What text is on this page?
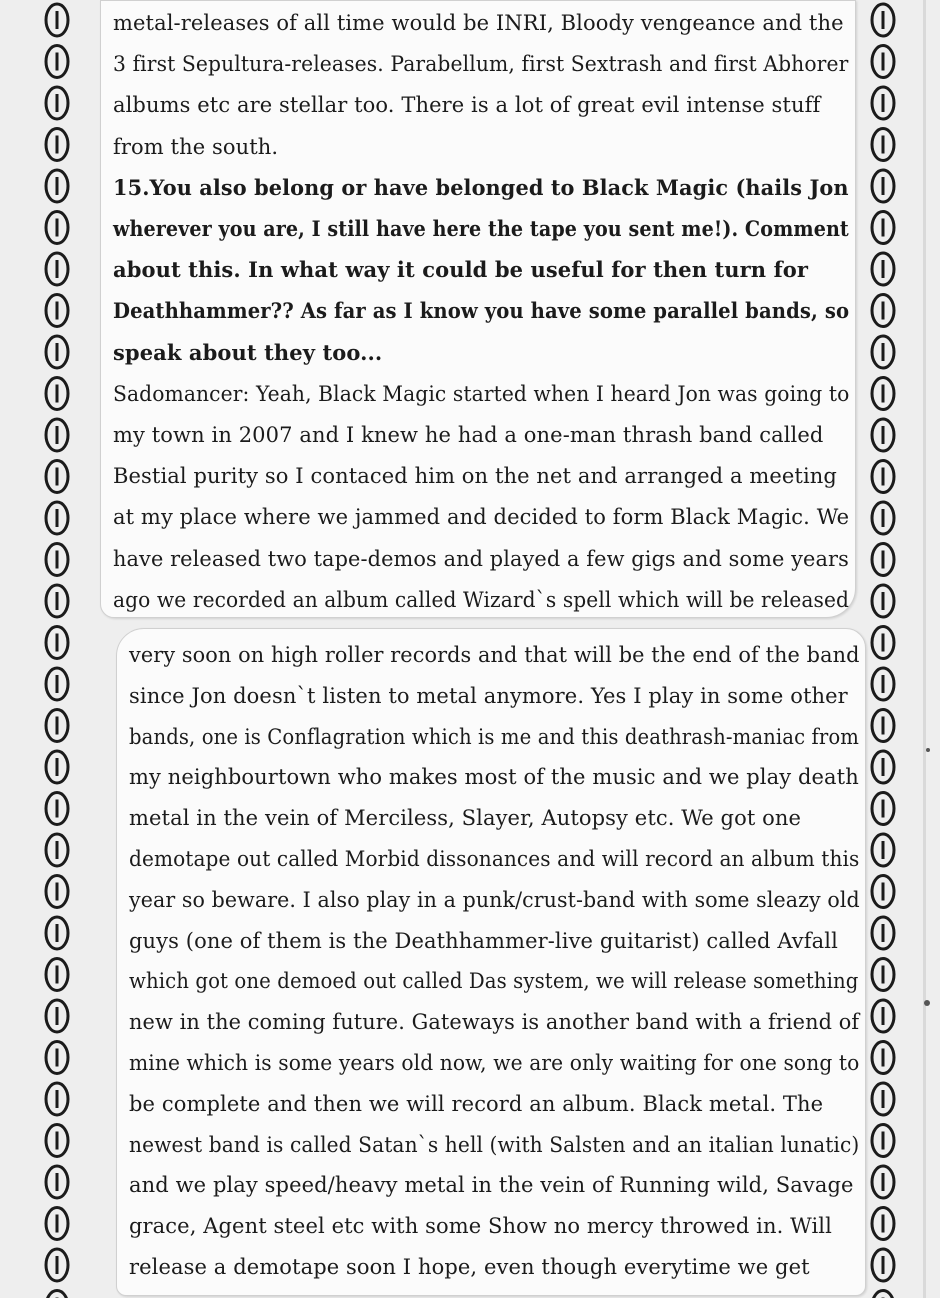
metal-releases of all time would be INRI, Bloody vengeance and the
3 first Sepultura-releases. Parabellum, first Sextrash and first Abhorer
albums etc are stellar too. There is a lot of great evil intense stuff
from the south.
15.You also belong or have belonged to Black Magic (hails Jon
wherever you are, I still have here the tape you sent me!). Comment
about this. In what way it could be useful for then turn for
Deathhammer?? As far as I know you have some parallel bands, so
speak about they too...
Sadomancer: Yeah, Black Magic started when I heard Jon was going to
my town in 2007 and I knew he had a one-man thrash band called
Bestial purity so I contaced him on the net and arranged a meeting
at my place where we jammed and decided to form Black Magic. We
have released two tape-demos and played a few gigs and some years
ago we recorded an album called Wizard`s spell which will be released
very soon on high roller records and that will be the end of the band
since Jon doesn`t listen to metal anymore. Yes I play in some other
bands, one is Conflagration which is me and this deathrash-maniac from
my neighbourtown who makes most of the music and we play death
metal in the vein of Merciless, Slayer, Autopsy etc. We got one
demotape out called Morbid dissonances and will record an album this
year so beware. I also play in a punk/crust-band with some sleazy old
guys (one of them is the Deathhammer-live guitarist) called Avfall
which got one demoed out called Das system, we will release something
new in the coming future. Gateways is another band with a friend of
mine which is some years old now, we are only waiting for one song to
be complete and then we will record an album. Black metal. The
newest band is called Satan`s hell (with Salsten and an italian lunatic)
and we play speed/heavy metal in the vein of Running wild, Savage
grace, Agent steel etc with some Show no mercy throwed in. Will
release a demotape soon I hope, even though everytime we get
